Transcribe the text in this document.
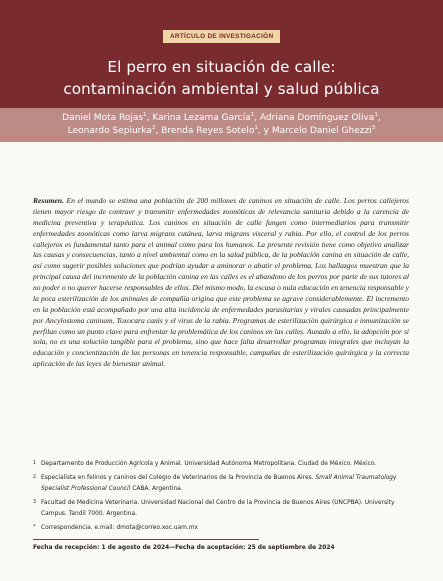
ARTÍCULO DE INVESTIGACIÓN
El perro en situación de calle:
contaminación ambiental y salud pública
Daniel Mota Rojas$^1$, Karina Lezama García$^1$, Adriana Domínguez Oliva$^1$,
Leonardo Sepiurka$^2$, Brenda Reyes Sotelo$^1$, y Marcelo Daniel Ghezzi$^3$
Resumen. En el mundo se estima una población de 200 millones de caninos en situación de calle. Los perros callejeros tienen mayor riesgo de contraer y transmitir enfermedades zoonóticas de relevancia sanitaria debido a la carencia de medicina preventiva y terapéutica. Los caninos en situación de calle fungen como intermediarios para transmitir enfermedades zoonóticas como larva migrans cutánea, larva migrans visceral y rabia. Por ello, el control de los perros callejeros es fundamental tanto para el animal como para los humanos. La presente revisión tiene como objetivo analizar las causas y consecuencias, tanto a nivel ambiental como en la salud pública, de la población canina en situación de calle, así como sugerir posibles soluciones que podrían ayudar a aminorar o abatir el problema. Los hallazgos muestran que la principal causa del incremento de la población canina en las calles es el abandono de los perros por parte de sus tutores al no poder o no querer hacerse responsables de ellos. Del mismo modo, la escasa o nula educación en tenencia responsable y la poca esterilización de los animales de compañía origina que este problema se agrave considerablemente. El incremento en la población está acompañado por una alta incidencia de enfermedades parasitarias y virales causadas principalmente por Ancylostoma caninum, Toxocara canis y el virus de la rabia. Programas de esterilización quirúrgica e inmunización se perfilan como un punto clave para enfrentar la problemática de los caninos en las calles. Aunado a ello, la adopción por sí sola, no es una solución tangible para el problema, sino que hace falta desarrollar programas integrales que incluyan la educación y concientización de las personas en tenencia responsable, campañas de esterilización quirúrgica y la correcta aplicación de las leyes de bienestar animal.
1 Departamento de Producción Agrícola y Animal. Universidad Autónoma Metropolitana. Ciudad de México. México.
2 Especialista en felinos y caninos del Colegio de Veterinarios de la Provincia de Buenos Aires. Small Animal Traumatology Specialist Professional Council CABA. Argentina.
3 Facultad de Medicina Veterinaria. Universidad Nacional del Centro de la Provincia de Buenos Aires (UNCPBA). University Campus. Tandil 7000. Argentina.
* Correspondencia. e.mail: dmota@correo.xoc.uam.mx
Fecha de recepción: 1 de agosto de 2024—Fecha de aceptación: 25 de septiembre de 2024
